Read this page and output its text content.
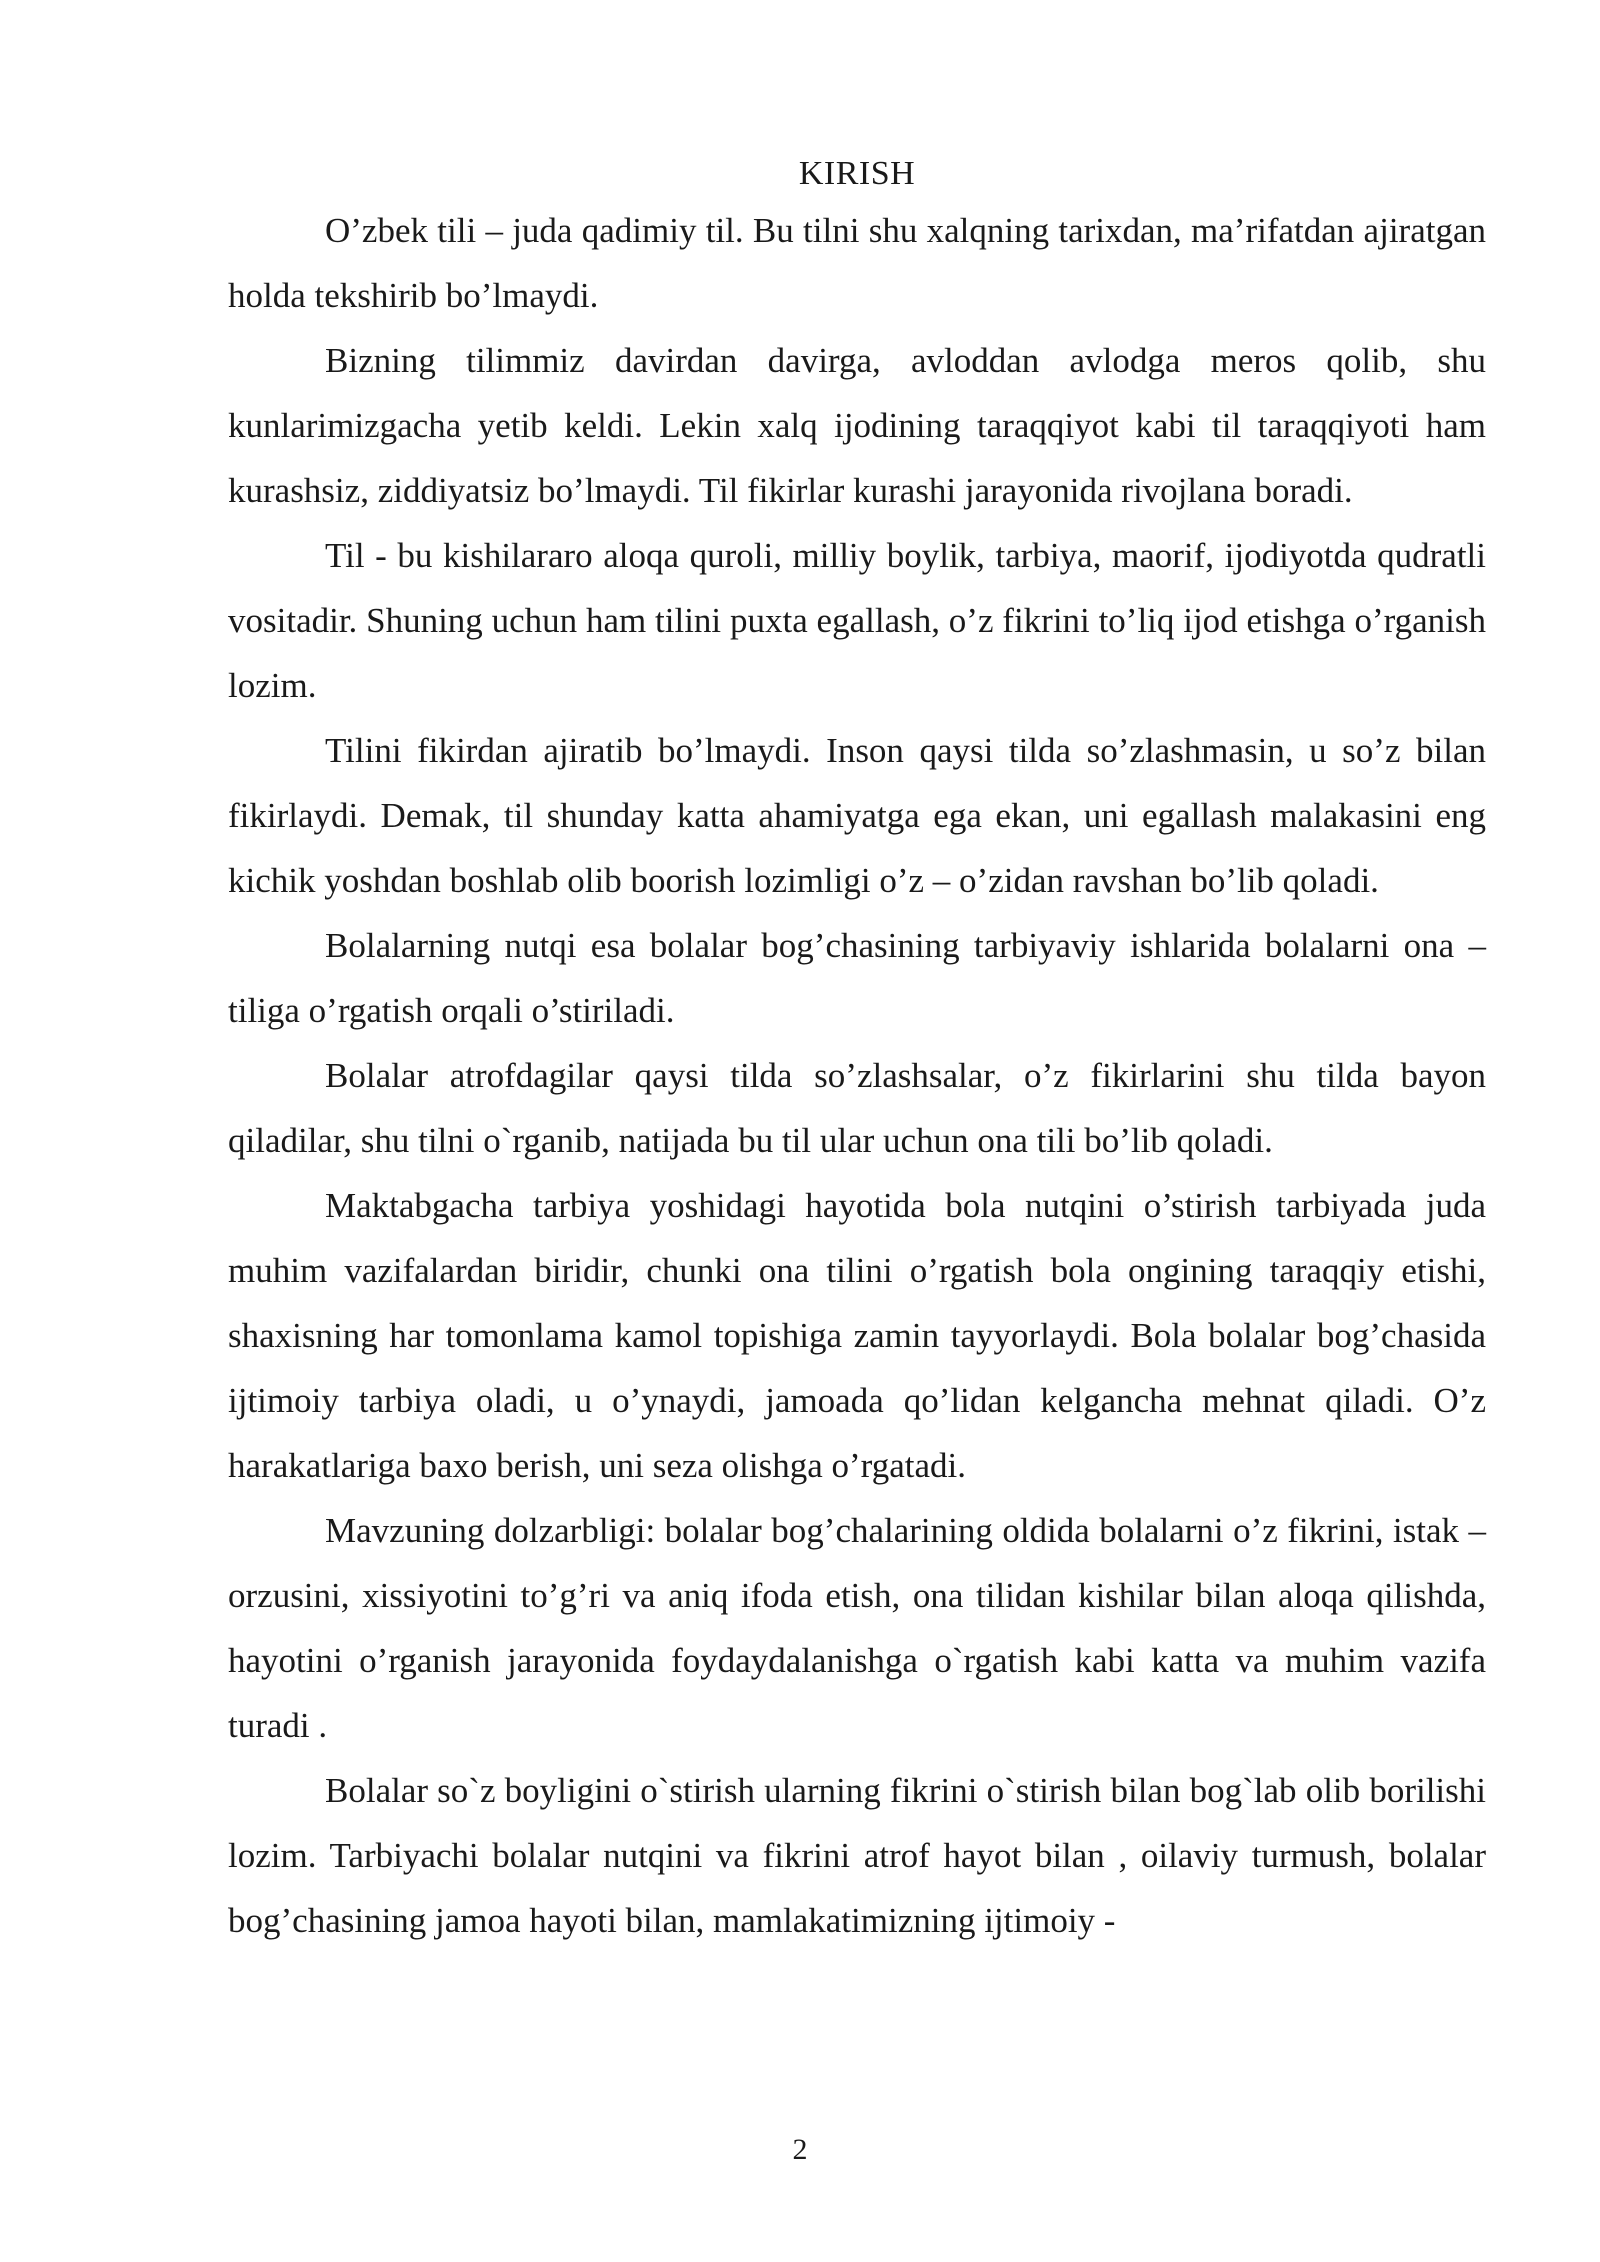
KIRISH

O’zbek tili – juda qadimiy til. Bu tilni shu xalqning tarixdan, ma’rifatdan ajiratgan holda tekshirib bo’lmaydi.

Bizning tilimmiz davirdan davirga, avloddan avlodga meros qolib, shu kunlarimizgacha yetib keldi. Lekin xalq ijodining taraqqiyot kabi til taraqqiyoti ham kurashsiz, ziddiyatsiz bo’lmaydi. Til fikirlar kurashi jarayonida rivojlana boradi.

Til - bu kishilararo aloqa quroli, milliy boylik, tarbiya, maorif, ijodiyotda qudratli vositadir. Shuning uchun ham tilini puxta egallash, o’z fikrini to’liq ijod etishga o’rganish lozim.

Tilini fikirdan ajiratib bo’lmaydi. Inson qaysi tilda so’zlashmasin, u so’z bilan fikirlaydi. Demak, til shunday katta ahamiyatga ega ekan, uni egallash malakasini eng kichik yoshdan boshlab olib boorish lozimligi o’z – o’zidan ravshan bo’lib qoladi.

Bolalarning nutqi esa bolalar bog’chasining tarbiyaviy ishlarida bolalarni ona – tiliga o’rgatish orqali o’stiriladi.

Bolalar atrofdagilar qaysi tilda so’zlashsalar, o’z fikirlarini shu tilda bayon qiladilar, shu tilni o`rganib, natijada bu til ular uchun ona tili bo’lib qoladi.

Maktabgacha tarbiya yoshidagi hayotida bola nutqini o’stirish tarbiyada juda muhim vazifalardan biridir, chunki ona tilini o’rgatish bola ongining taraqqiy etishi, shaxisning har tomonlama kamol topishiga zamin tayyorlaydi. Bola bolalar bog’chasida ijtimoiy tarbiya oladi, u o’ynaydi, jamoada qo’lidan kelgancha mehnat qiladi. O’z harakatlariga baxo berish, uni seza olishga o’rgatadi.

Mavzuning dolzarbligi: bolalar bog’chalarining oldida bolalarni o’z fikrini, istak – orzusini, xissiyotini to’g’ri va aniq ifoda etish, ona tilidan kishilar bilan aloqa qilishda, hayotini o’rganish jarayonida foydaydalanishga o`rgatish kabi katta va muhim vazifa turadi .

Bolalar so`z boyligini o`stirish ularning fikrini o`stirish bilan bog`lab olib borilishi lozim. Tarbiyachi bolalar nutqini va fikrini atrof hayot bilan , oilaviy turmush, bolalar bog’chasining jamoa hayoti bilan, mamlakatimizning ijtimoiy -

2
